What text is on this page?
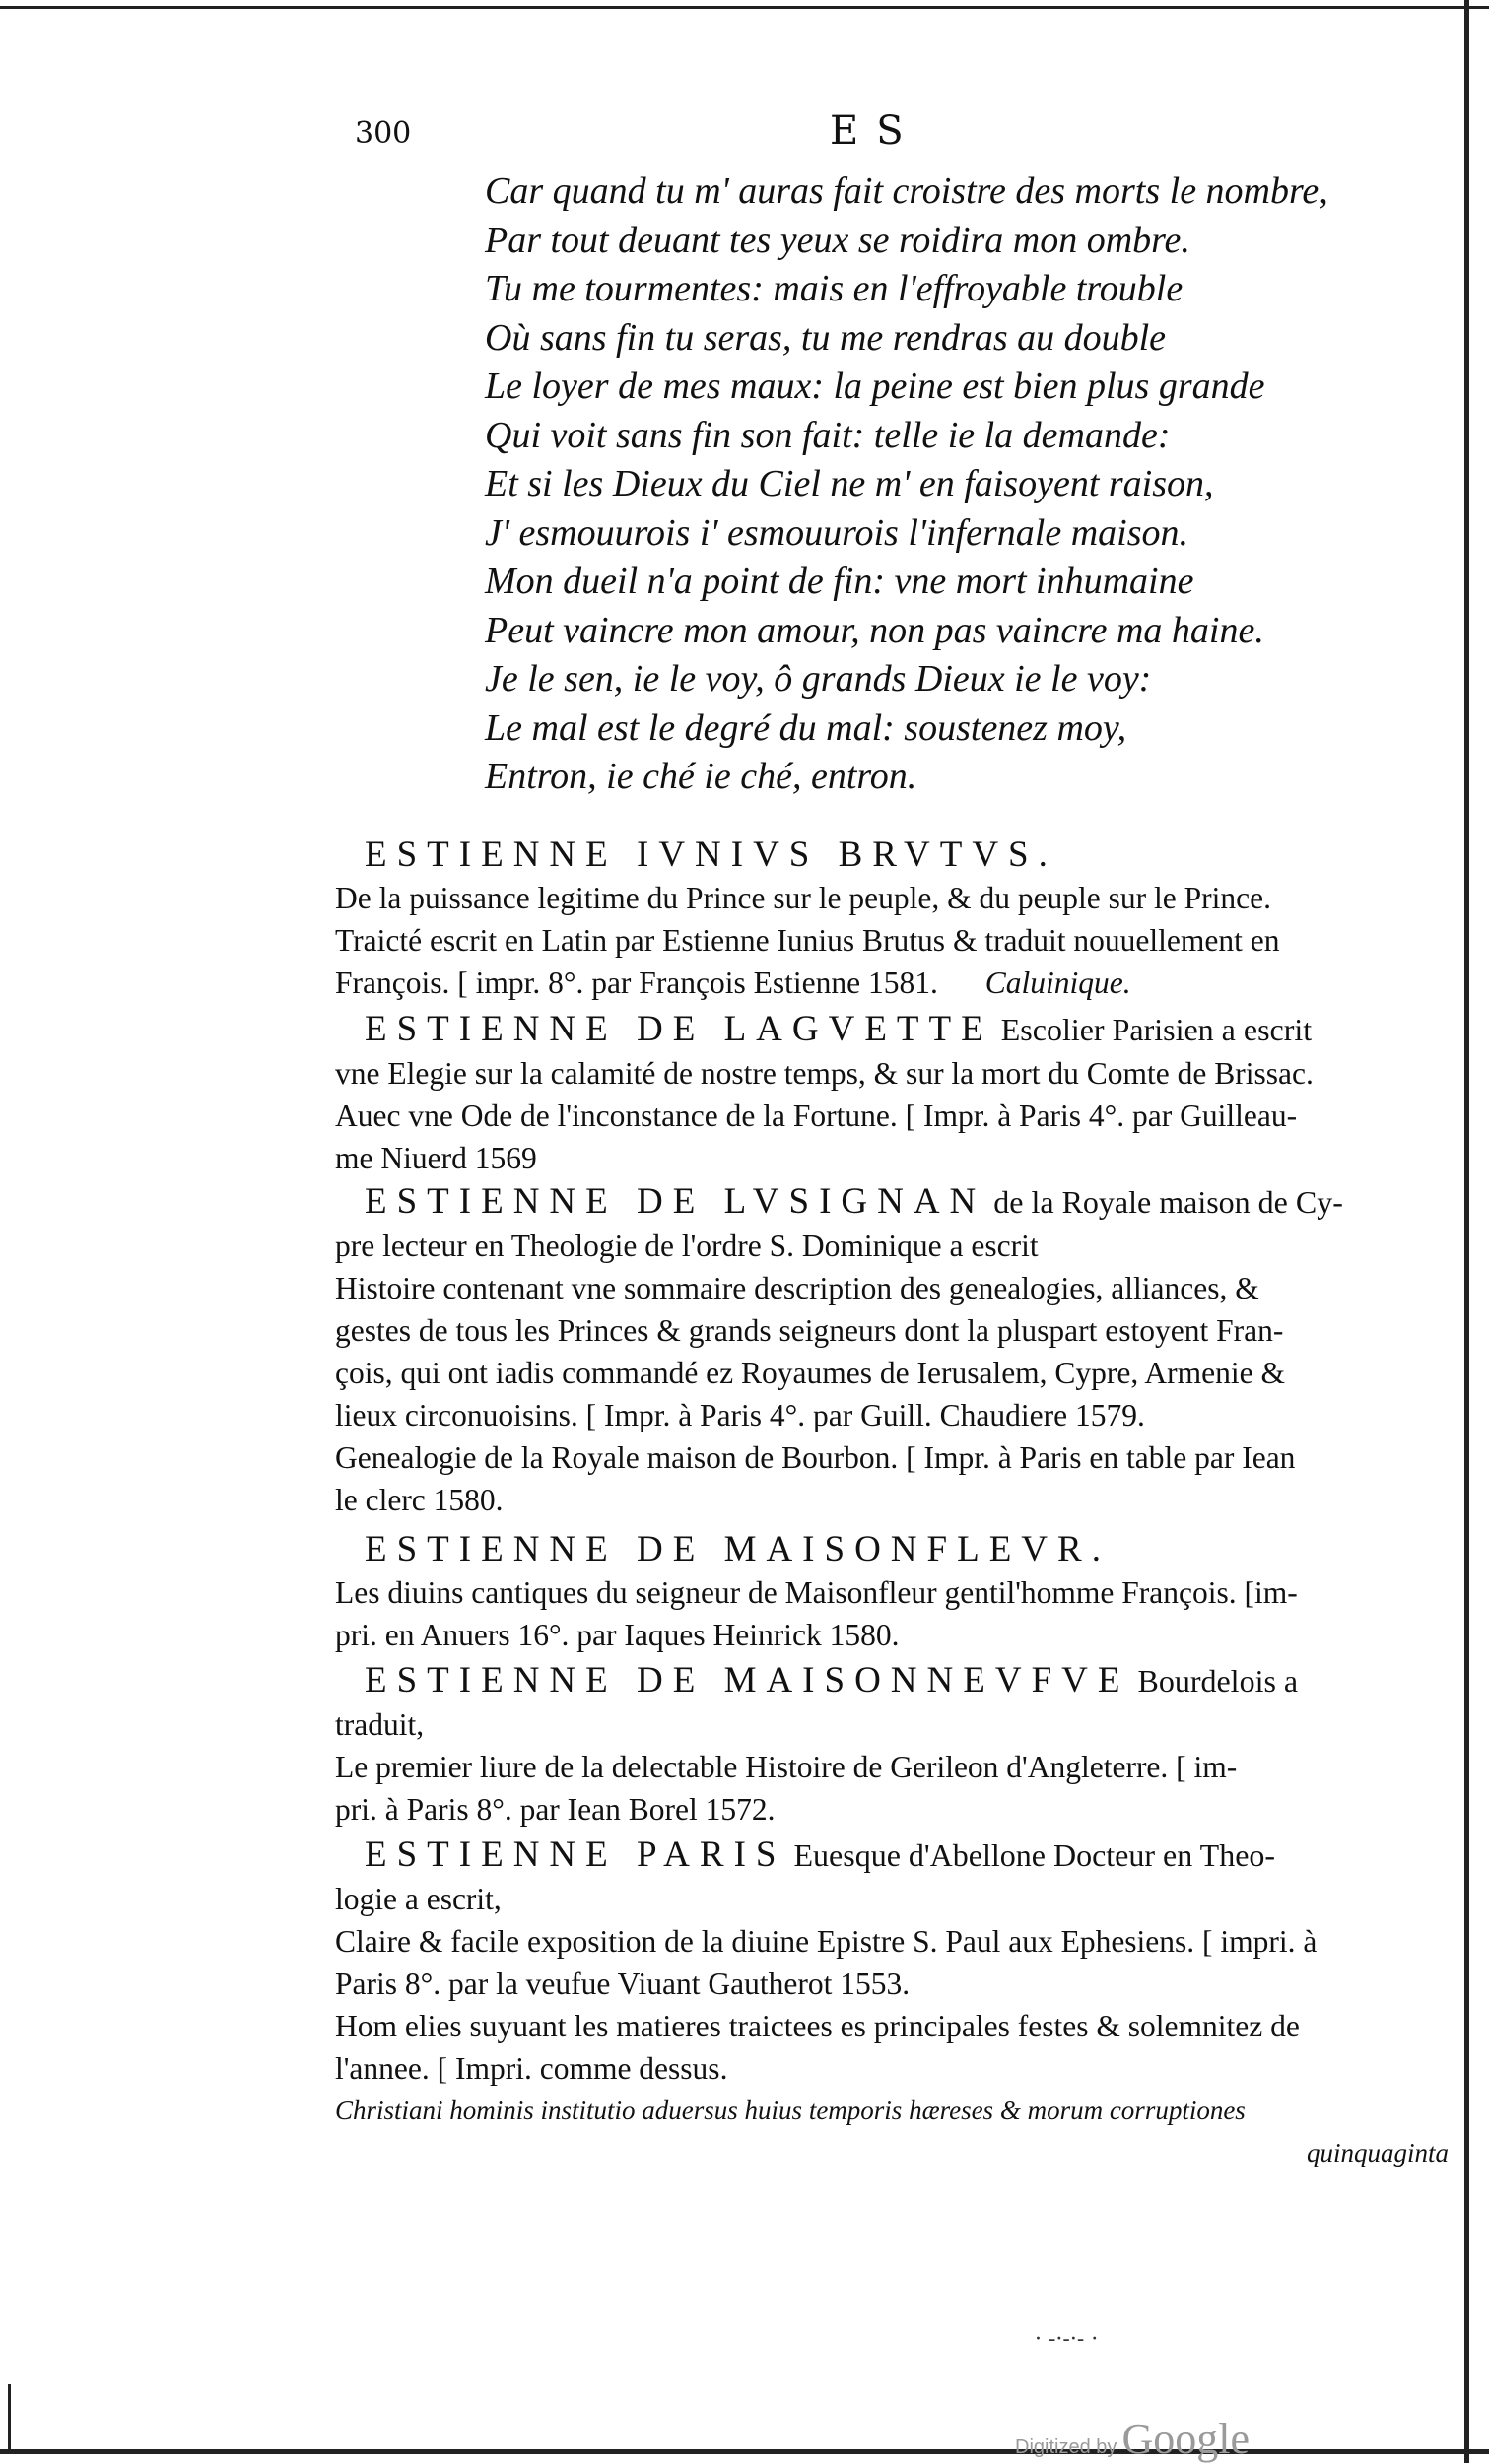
300	ES
Car quand tu m' auras fait croistre des morts le nombre,
Par tout deuant tes yeux se roidira mon ombre.
Tu me tourmentes: mais en l'effroyable trouble
Où sans fin tu seras, tu me rendras au double
Le loyer de mes maux: la peine est bien plus grande
Qui voit sans fin son fait: telle ie la demande:
Et si les Dieux du Ciel ne m' en faisoyent raison,
J' esmouurois i' esmouurois l'infernale maison.
Mon dueil n'a point de fin: vne mort inhumaine
Peut vaincre mon amour, non pas vaincre ma haine.
Je le sen, ie le voy, ô grands Dieux ie le voy:
Le mal est le degré du mal: soustenez moy,
Entron, ie ché ie ché, entron.
ESTIENNE IVNIVS BRVTVS.
De la puissance legitime du Prince sur le peuple, & du peuple sur le Prince.
Traicté escrit en Latin par Estienne Iunius Brutus & traduit nouuellement en
François. [ impr. 8°. par François Estienne 1581. Caluinique.
ESTIENNE DE LAGVETTE Escolier Parisien a escrit
vne Elegie sur la calamité de nostre temps, & sur la mort du Comte de Brissac.
Auec vne Ode de l'inconstance de la Fortune. [ Impr. à Paris 4°. par Guilleau-
me Niuerd 1569
ESTIENNE DE LVSIGNAN de la Royale maison de Cy-
pre lecteur en Theologie de l'ordre S. Dominique a escrit
Histoire contenant vne sommaire description des genealogies, alliances, &
gestes de tous les Princes & grands seigneurs dont la pluspart estoyent Fran-
çois, qui ont iadis commandé ez Royaumes de Ierusalem, Cypre, Armenie &
lieux circonuoisins. [ Impr. à Paris 4°. par Guill. Chaudiere 1579.
Genealogie de la Royale maison de Bourbon. [ Impr. à Paris en table par Iean
le clerc 1580.
ESTIENNE DE MAISONFLEVR.
Les diuins cantiques du seigneur de Maisonfleur gentil'homme François. [im-
pri. en Anuers 16°. par Iaques Heinrick 1580.
ESTIENNE DE MAISONNEVFVE Bourdelois a
traduit,
Le premier liure de la delectable Histoire de Gerileon d'Angleterre. [ im-
pri. à Paris 8°. par Iean Borel 1572.
ESTIENNE PARIS Euesque d'Abellone Docteur en Theo-
logie a escrit,
Claire & facile exposition de la diuine Epistre S. Paul aux Ephesiens. [ impri. à
Paris 8°. par la veufue Viuant Gautherot 1553.
Hom elies suyuant les matieres traictees es principales festes & solemnitez de
l'annee. [ Impri. comme dessus.
Christiani hominis institutio aduersus huius temporis hæreses & morum corruptiones
quinquaginta
· ‑·‑·‑ ·
Digitized by Google
